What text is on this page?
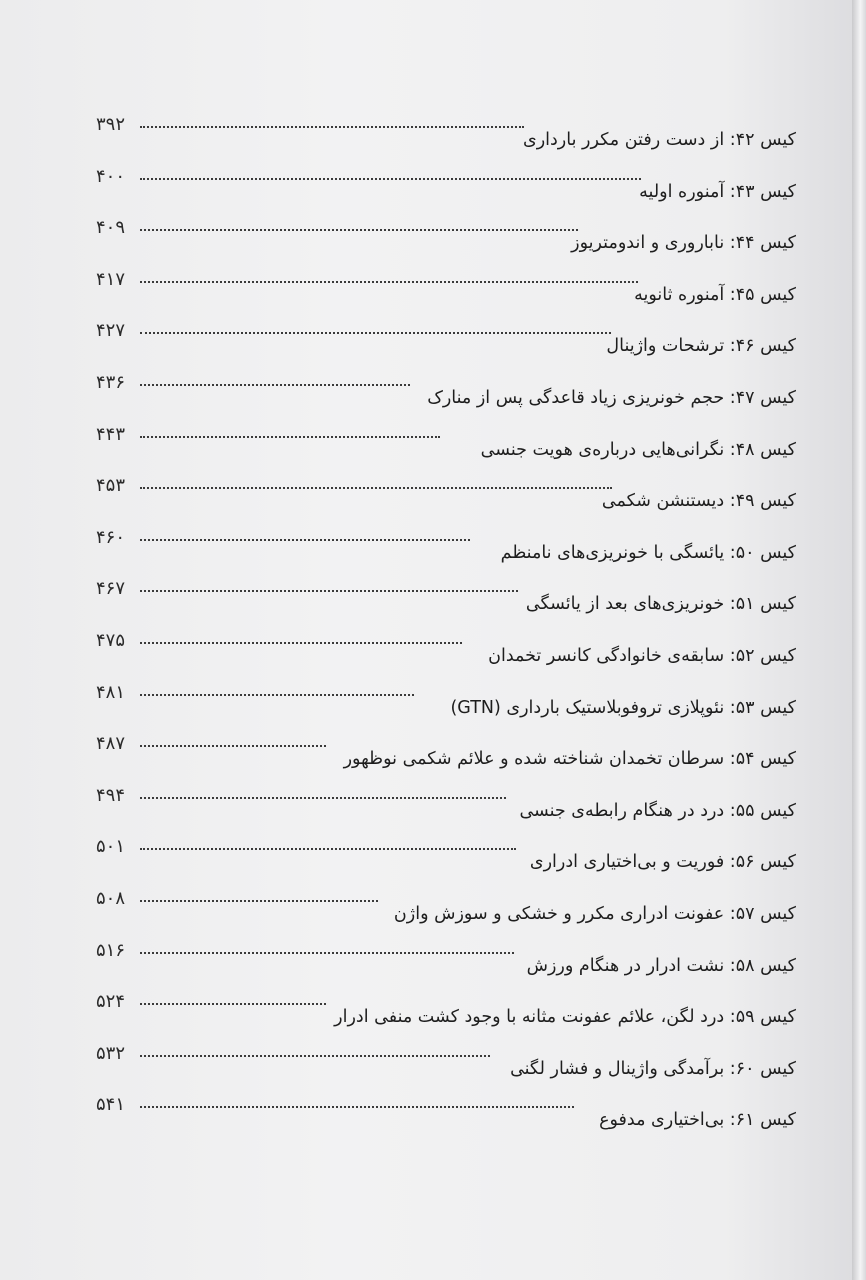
۳۹۲
کیس ۴۲: از دست رفتن مکرر بارداری
۴۰۰
کیس ۴۳: آمنوره اولیه
۴۰۹
کیس ۴۴: نابارور‌ی و اندومتریوز
۴۱۷
کیس ۴۵: آمنوره ثانویه
۴۲۷
کیس ۴۶: ترشحات واژینال
۴۳۶
کیس ۴۷: حجم خونریزی زیاد قاعدگی پس از منارک
۴۴۳
کیس ۴۸: نگرانی‌هایی درباره‌ی هویت جنسی
۴۵۳
کیس ۴۹: دیستنشن شکمی
۴۶۰
کیس ۵۰: یائسگی با خونریزی‌های نامنظم
۴۶۷
کیس ۵۱: خونریزی‌های بعد از یائسگی
۴۷۵
کیس ۵۲: سابقه‌ی خانوادگی کانسر تخمدان
۴۸۱
کیس ۵۳: نئوپلازی تروفوبلاستیک بارداری (GTN)
۴۸۷
کیس ۵۴: سرطان تخمدان شناخته شده و علائم شکمی نوظهور
۴۹۴
کیس ۵۵: درد در هنگام رابطه‌ی جنسی
۵۰۱
کیس ۵۶: فوریت و بی‌اختیاری ادراری
۵۰۸
کیس ۵۷: عفونت ادراری مکرر و خشکی و سوزش واژن
۵۱۶
کیس ۵۸: نشت ادرار در هنگام ورزش
۵۲۴
کیس ۵۹: درد لگن، علائم عفونت مثانه با وجود کشت منفی ادرار
۵۳۲
کیس ۶۰: برآمدگی واژینال و فشار لگنی
۵۴۱
کیس ۶۱: بی‌اختیاری مدفوع
